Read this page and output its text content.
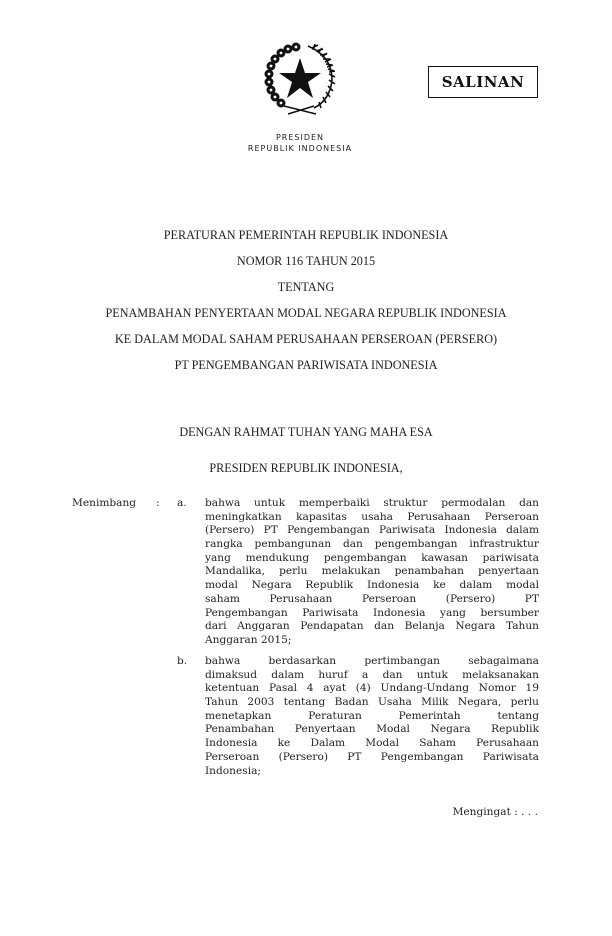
PRESIDEN
REPUBLIK INDONESIA
SALINAN
PERATURAN PEMERINTAH REPUBLIK INDONESIA
NOMOR 116 TAHUN 2015
TENTANG
PENAMBAHAN PENYERTAAN MODAL NEGARA REPUBLIK INDONESIA
KE DALAM MODAL SAHAM PERUSAHAAN PERSEROAN (PERSERO)
PT PENGEMBANGAN PARIWISATA INDONESIA
DENGAN RAHMAT TUHAN YANG MAHA ESA
PRESIDEN REPUBLIK INDONESIA,
Menimbang : a. bahwa untuk memperbaiki struktur permodalan dan
meningkatkan kapasitas usaha Perusahaan Perseroan
(Persero) PT Pengembangan Pariwisata Indonesia dalam
rangka pembangunan dan pengembangan infrastruktur
yang mendukung pengembangan kawasan pariwisata
Mandalika, perlu melakukan penambahan penyertaan
modal Negara Republik Indonesia ke dalam modal
saham Perusahaan Perseroan (Persero) PT
Pengembangan Pariwisata Indonesia yang bersumber
dari Anggaran Pendapatan dan Belanja Negara Tahun
Anggaran 2015;
b. bahwa berdasarkan pertimbangan sebagaimana
dimaksud dalam huruf a dan untuk melaksanakan
ketentuan Pasal 4 ayat (4) Undang-Undang Nomor 19
Tahun 2003 tentang Badan Usaha Milik Negara, perlu
menetapkan Peraturan Pemerintah tentang
Penambahan Penyertaan Modal Negara Republik
Indonesia ke Dalam Modal Saham Perusahaan
Perseroan (Persero) PT Pengembangan Pariwisata
Indonesia;
Mengingat : . . .
